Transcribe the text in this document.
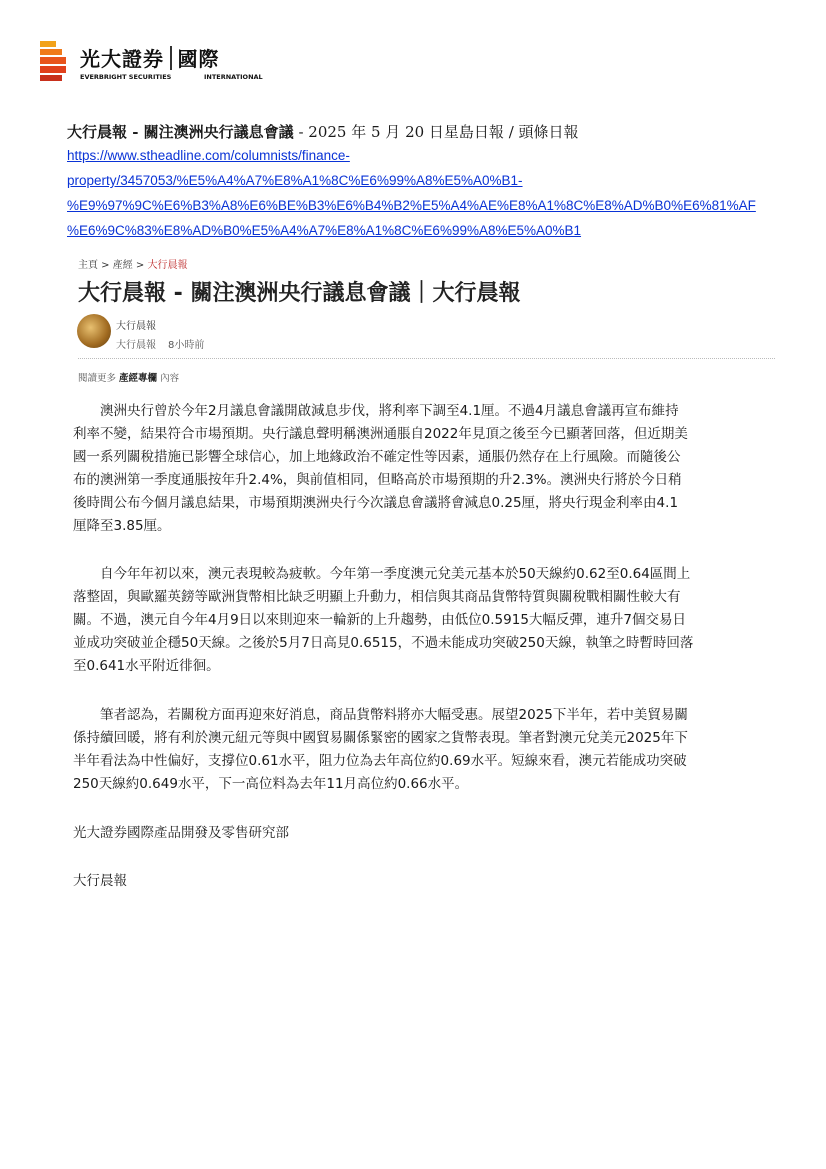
光大證券 國際
EVERBRIGHT SECURITIES	INTERNATIONAL
大行晨報 - 關注澳洲央行議息會議 - 2025 年 5 月 20 日星島日報 / 頭條日報
https://www.stheadline.com/columnists/finance-
property/3457053/%E5%A4%A7%E8%A1%8C%E6%99%A8%E5%A0%B1-
%E9%97%9C%E6%B3%A8%E6%BE%B3%E6%B4%B2%E5%A4%AE%E8%A1%8C%E8%AD%B0%E6%81%AF
%E6%9C%83%E8%AD%B0%E5%A4%A7%E8%A1%8C%E6%99%A8%E5%A0%B1
主頁 > 產經 > 大行晨報
大行晨報 - 關注澳洲央行議息會議｜大行晨報
大行晨報
大行晨報 8小時前
閱讀更多 產經專欄 內容
　　澳洲央行曾於今年2月議息會議開啟減息步伐，將利率下調至4.1厘。不過4月議息會議再宣布維持
利率不變，結果符合市場預期。央行議息聲明稱澳洲通脹自2022年見頂之後至今已顯著回落，但近期美
國一系列關稅措施已影響全球信心，加上地緣政治不確定性等因素，通脹仍然存在上行風險。而隨後公
布的澳洲第一季度通脹按年升2.4%，與前值相同，但略高於市場預期的升2.3%。澳洲央行將於今日稍
後時間公布今個月議息結果，市場預期澳洲央行今次議息會議將會減息0.25厘，將央行現金利率由4.1
厘降至3.85厘。
　　自今年年初以來，澳元表現較為疲軟。今年第一季度澳元兌美元基本於50天線約0.62至0.64區間上
落整固，與歐羅英鎊等歐洲貨幣相比缺乏明顯上升動力，相信與其商品貨幣特質與關稅戰相關性較大有
關。不過，澳元自今年4月9日以來則迎來一輪新的上升趨勢，由低位0.5915大幅反彈，連升7個交易日
並成功突破並企穩50天線。之後於5月7日高見0.6515，不過未能成功突破250天線，執筆之時暫時回落
至0.641水平附近徘徊。
　　筆者認為，若關稅方面再迎來好消息，商品貨幣料將亦大幅受惠。展望2025下半年，若中美貿易關
係持續回暖，將有利於澳元紐元等與中國貿易關係緊密的國家之貨幣表現。筆者對澳元兌美元2025年下
半年看法為中性偏好，支撐位0.61水平，阻力位為去年高位約0.69水平。短線來看，澳元若能成功突破
250天線約0.649水平，下一高位料為去年11月高位約0.66水平。
光大證券國際產品開發及零售研究部
大行晨報
